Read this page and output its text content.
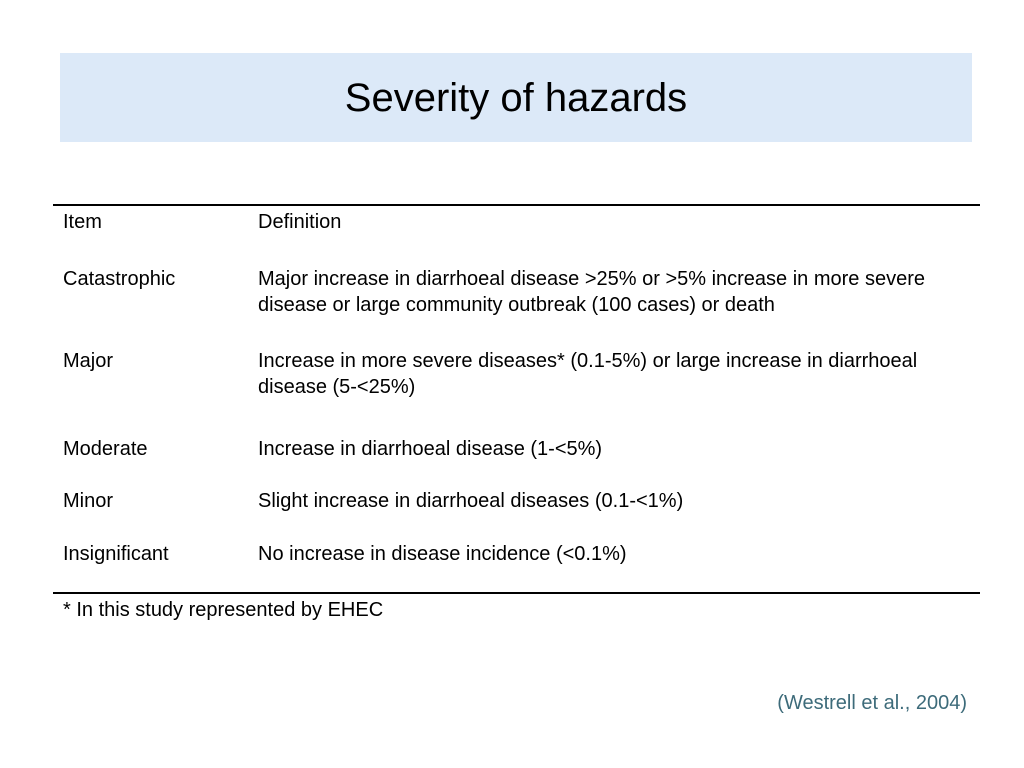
Severity of hazards
Item	Definition
Catastrophic	Major increase in diarrhoeal disease >25% or >5% increase in more severe disease or large community outbreak (100 cases) or death
Major	Increase in more severe diseases* (0.1-5%) or large increase in diarrhoeal disease (5-<25%)
Moderate	Increase in diarrhoeal disease (1-<5%)
Minor	Slight increase in diarrhoeal diseases (0.1-<1%)
Insignificant	No increase in disease incidence (<0.1%)
* In this study represented by EHEC
(Westrell et al., 2004)
